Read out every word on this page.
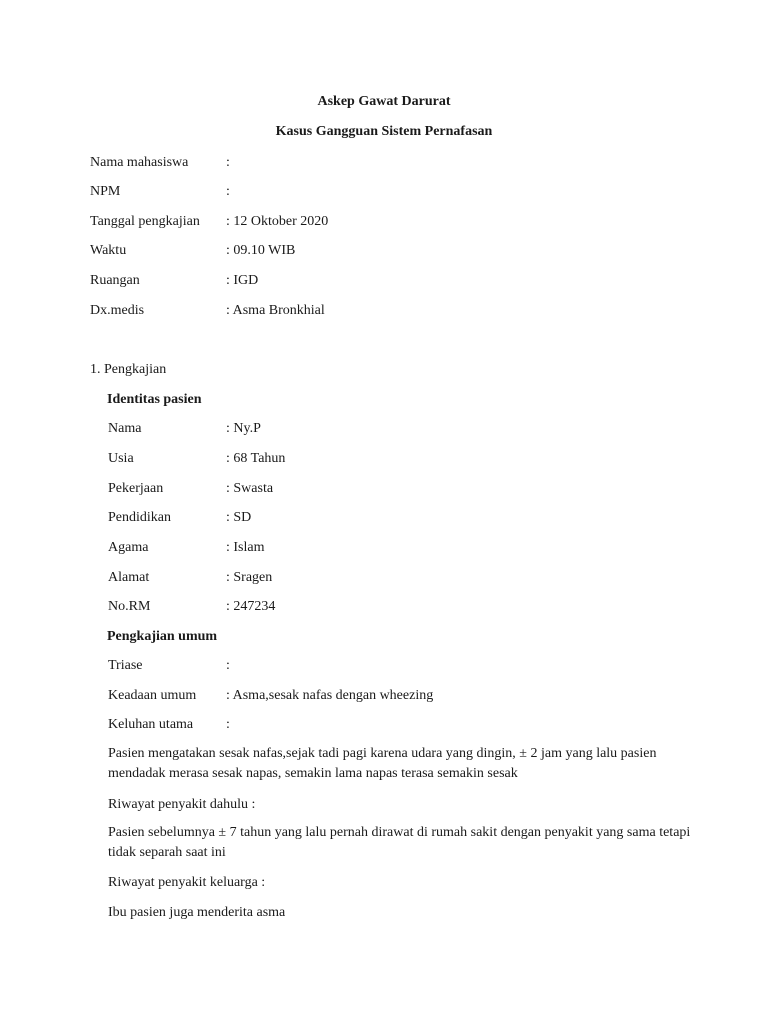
Askep Gawat Darurat
Kasus Gangguan Sistem Pernafasan
Nama mahasiswa	:
NPM	:
Tanggal pengkajian : 12 Oktober 2020
Waktu	: 09.10 WIB
Ruangan	: IGD
Dx.medis	: Asma Bronkhial
1. Pengkajian
Identitas pasien
Nama	: Ny.P
Usia	: 68 Tahun
Pekerjaan	: Swasta
Pendidikan	: SD
Agama	: Islam
Alamat	: Sragen
No.RM	: 247234
Pengkajian umum
Triase	:
Keadaan umum : Asma,sesak nafas dengan wheezing
Keluhan utama :
Pasien mengatakan sesak nafas,sejak tadi pagi karena udara yang dingin, ± 2 jam yang lalu pasien mendadak merasa sesak napas, semakin lama napas terasa semakin sesak
Riwayat penyakit dahulu :
Pasien sebelumnya ± 7 tahun yang lalu pernah dirawat di rumah sakit dengan penyakit yang sama tetapi tidak separah saat ini
Riwayat penyakit keluarga :
Ibu pasien juga menderita asma
